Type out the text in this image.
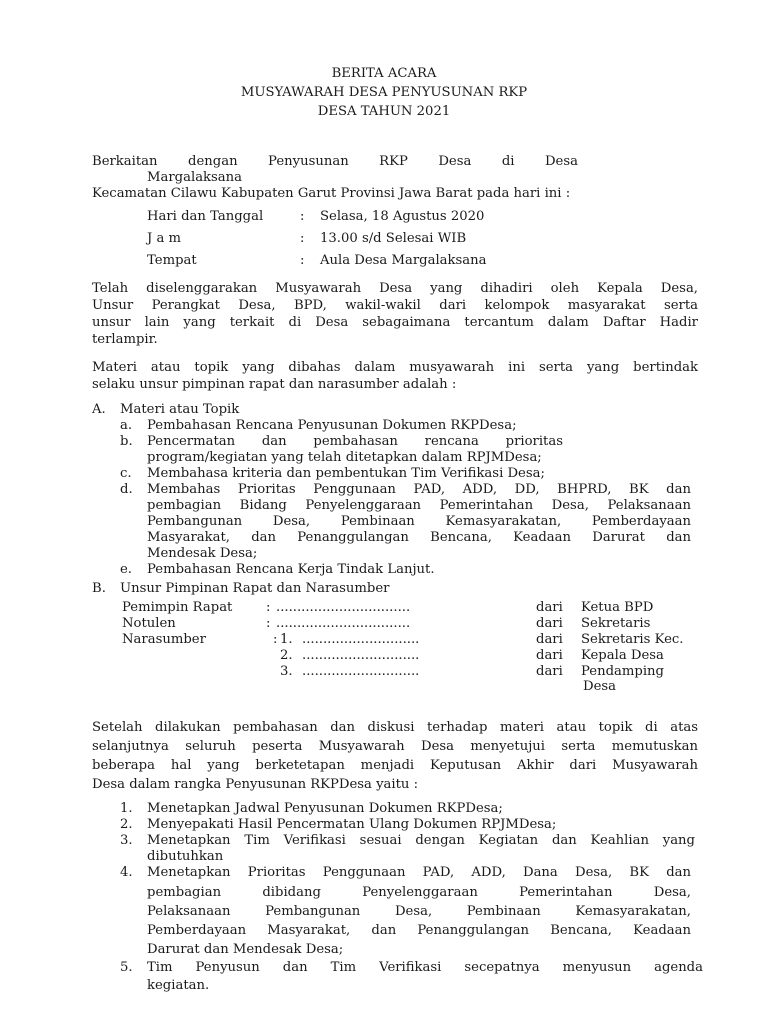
BERITA ACARA
MUSYAWARAH DESA PENYUSUNAN RKP
DESA TAHUN 2021
Berkaitan dengan Penyusunan RKP Desa di Desa
Margalaksana
Kecamatan Cilawu Kabupaten Garut Provinsi Jawa Barat pada hari ini :
Hari dan Tanggal	: Selasa, 18 Agustus 2020
J a m	: 13.00 s/d Selesai WIB
Tempat	: Aula Desa Margalaksana
Telah diselenggarakan Musyawarah Desa yang dihadiri oleh Kepala Desa,
Unsur Perangkat Desa, BPD, wakil-wakil dari kelompok masyarakat serta
unsur lain yang terkait di Desa sebagaimana tercantum dalam Daftar Hadir
terlampir.
Materi atau topik yang dibahas dalam musyawarah ini serta yang bertindak
selaku unsur pimpinan rapat dan narasumber adalah :
A. Materi atau Topik
a. Pembahasan Rencana Penyusunan Dokumen RKPDesa;
b. Pencermatan dan pembahasan rencana prioritas
program/kegiatan yang telah ditetapkan dalam RPJMDesa;
c. Membahasa kriteria dan pembentukan Tim Verifikasi Desa;
d. Membahas Prioritas Penggunaan PAD, ADD, DD, BHPRD, BK dan
pembagian Bidang Penyelenggaraan Pemerintahan Desa, Pelaksanaan
Pembangunan Desa, Pembinaan Kemasyarakatan, Pemberdayaan
Masyarakat, dan Penanggulangan Bencana, Keadaan Darurat dan
Mendesak Desa;
e. Pembahasan Rencana Kerja Tindak Lanjut.
B. Unsur Pimpinan Rapat dan Narasumber
Pemimpin Rapat	: ................................	dari Ketua BPD
Notulen	: ................................	dari Sekretaris
Narasumber	: 1. ............................	dari Sekretaris Kec.
2. ............................	dari Kepala Desa
3. ............................	dari Pendamping
Desa
Setelah dilakukan pembahasan dan diskusi terhadap materi atau topik di atas
selanjutnya seluruh peserta Musyawarah Desa menyetujui serta memutuskan
beberapa hal yang berketetapan menjadi Keputusan Akhir dari Musyawarah
Desa dalam rangka Penyusunan RKPDesa yaitu :
1. Menetapkan Jadwal Penyusunan Dokumen RKPDesa;
2. Menyepakati Hasil Pencermatan Ulang Dokumen RPJMDesa;
3. Menetapkan Tim Verifikasi sesuai dengan Kegiatan dan Keahlian yang
dibutuhkan
4. Menetapkan Prioritas Penggunaan PAD, ADD, Dana Desa, BK dan
pembagian dibidang Penyelenggaraan Pemerintahan Desa,
Pelaksanaan Pembangunan Desa, Pembinaan Kemasyarakatan,
Pemberdayaan Masyarakat, dan Penanggulangan Bencana, Keadaan
Darurat dan Mendesak Desa;
5. Tim Penyusun dan Tim Verifikasi secepatnya menyusun agenda
kegiatan.
